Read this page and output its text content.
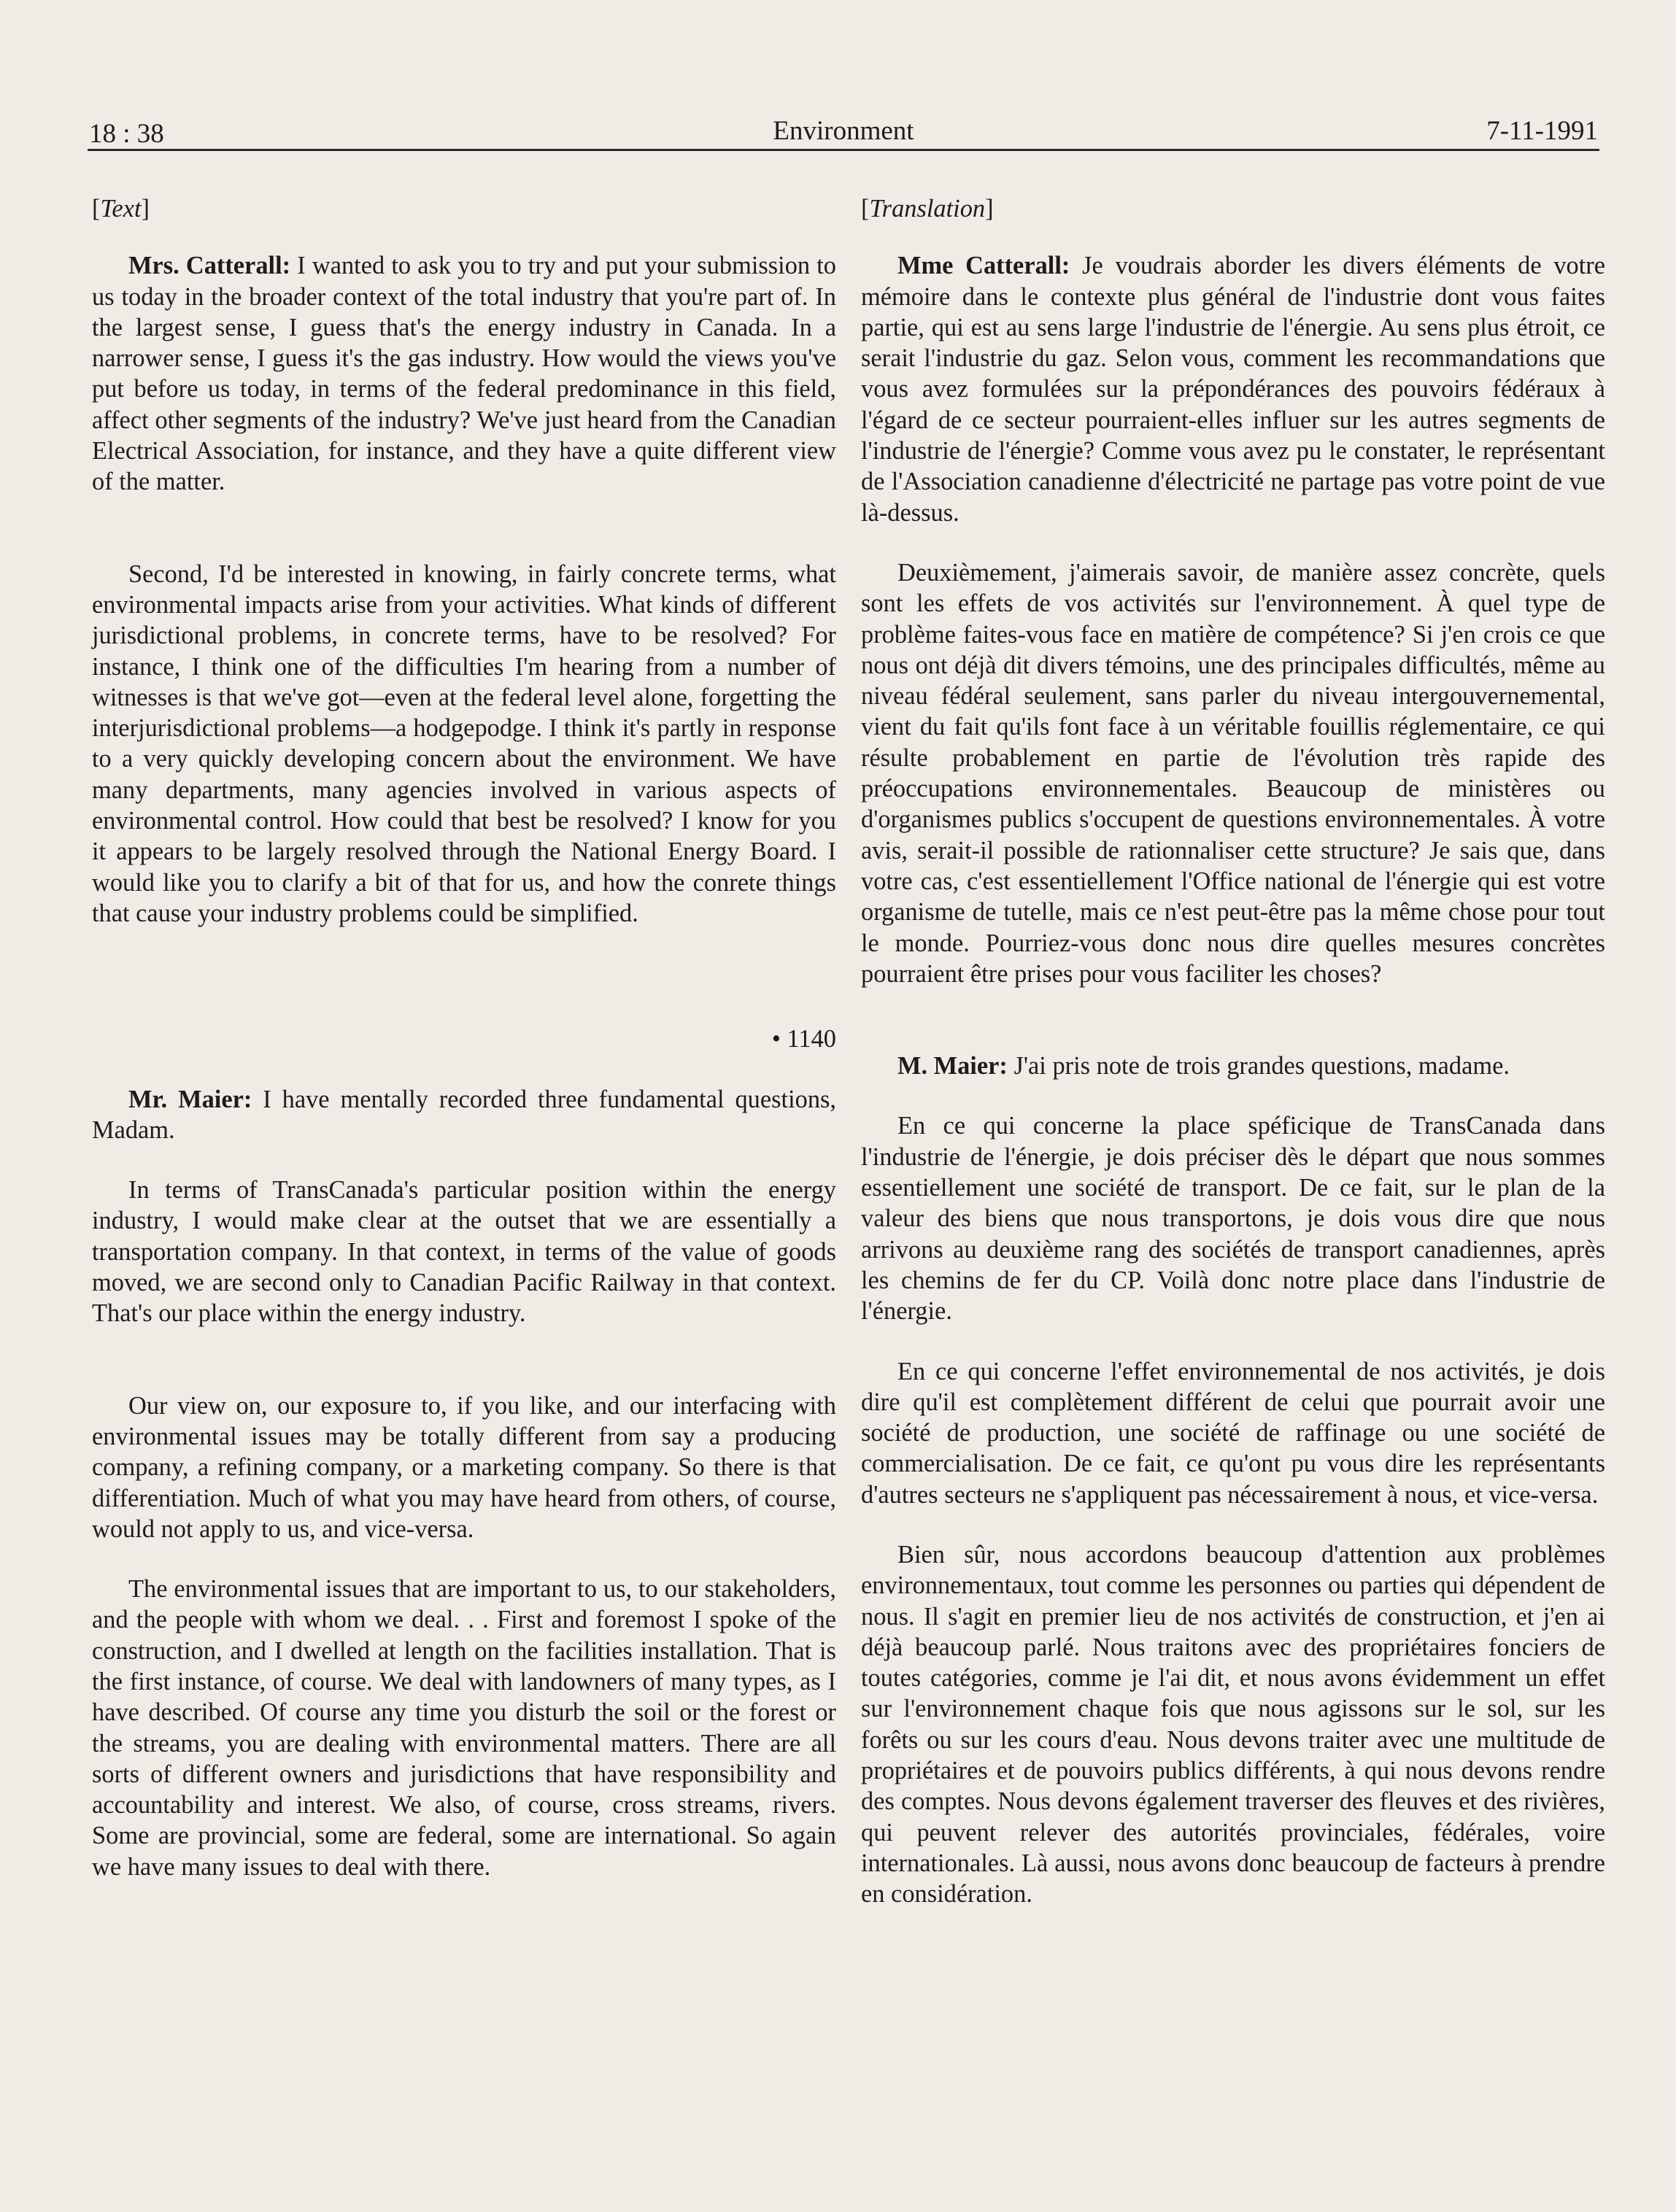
18 : 38	Environment	7-11-1991

[Text]

Mrs. Catterall: I wanted to ask you to try and put your submission to us today in the broader context of the total industry that you're part of. In the largest sense, I guess that's the energy industry in Canada. In a narrower sense, I guess it's the gas industry. How would the views you've put before us today, in terms of the federal predominance in this field, affect other segments of the industry? We've just heard from the Canadian Electrical Association, for instance, and they have a quite different view of the matter.

Second, I'd be interested in knowing, in fairly concrete terms, what environmental impacts arise from your activities. What kinds of different jurisdictional problems, in concrete terms, have to be resolved? For instance, I think one of the difficulties I'm hearing from a number of witnesses is that we've got—even at the federal level alone, forgetting the interjurisdictional problems—a hodgepodge. I think it's partly in response to a very quickly developing concern about the environment. We have many departments, many agencies involved in various aspects of environmental control. How could that best be resolved? I know for you it appears to be largely resolved through the National Energy Board. I would like you to clarify a bit of that for us, and how the conrete things that cause your industry problems could be simplified.

• 1140

Mr. Maier: I have mentally recorded three fundamental questions, Madam.

In terms of TransCanada's particular position within the energy industry, I would make clear at the outset that we are essentially a transportation company. In that context, in terms of the value of goods moved, we are second only to Canadian Pacific Railway in that context. That's our place within the energy industry.

Our view on, our exposure to, if you like, and our interfacing with environmental issues may be totally different from say a producing company, a refining company, or a marketing company. So there is that differentiation. Much of what you may have heard from others, of course, would not apply to us, and vice-versa.

The environmental issues that are important to us, to our stakeholders, and the people with whom we deal. . . First and foremost I spoke of the construction, and I dwelled at length on the facilities installation. That is the first instance, of course. We deal with landowners of many types, as I have described. Of course any time you disturb the soil or the forest or the streams, you are dealing with environmental matters. There are all sorts of different owners and jurisdictions that have responsibility and accountability and interest. We also, of course, cross streams, rivers. Some are provincial, some are federal, some are international. So again we have many issues to deal with there.

[Translation]

Mme Catterall: Je voudrais aborder les divers éléments de votre mémoire dans le contexte plus général de l'industrie dont vous faites partie, qui est au sens large l'industrie de l'énergie. Au sens plus étroit, ce serait l'industrie du gaz. Selon vous, comment les recommandations que vous avez formulées sur la prépondérances des pouvoirs fédéraux à l'égard de ce secteur pourraient-elles influer sur les autres segments de l'industrie de l'énergie? Comme vous avez pu le constater, le représentant de l'Association canadienne d'électricité ne partage pas votre point de vue là-dessus.

Deuxièmement, j'aimerais savoir, de manière assez concrète, quels sont les effets de vos activités sur l'environnement. À quel type de problème faites-vous face en matière de compétence? Si j'en crois ce que nous ont déjà dit divers témoins, une des principales difficultés, même au niveau fédéral seulement, sans parler du niveau intergouvernemental, vient du fait qu'ils font face à un véritable fouillis réglementaire, ce qui résulte probablement en partie de l'évolution très rapide des préoccupations environnementales. Beaucoup de ministères ou d'organismes publics s'occupent de questions environnementales. À votre avis, serait-il possible de rationnaliser cette structure? Je sais que, dans votre cas, c'est essentiellement l'Office national de l'énergie qui est votre organisme de tutelle, mais ce n'est peut-être pas la même chose pour tout le monde. Pourriez-vous donc nous dire quelles mesures concrètes pourraient être prises pour vous faciliter les choses?

M. Maier: J'ai pris note de trois grandes questions, madame.

En ce qui concerne la place spéficique de TransCanada dans l'industrie de l'énergie, je dois préciser dès le départ que nous sommes essentiellement une société de transport. De ce fait, sur le plan de la valeur des biens que nous transportons, je dois vous dire que nous arrivons au deuxième rang des sociétés de transport canadiennes, après les chemins de fer du CP. Voilà donc notre place dans l'industrie de l'énergie.

En ce qui concerne l'effet environnemental de nos activités, je dois dire qu'il est complètement différent de celui que pourrait avoir une société de production, une société de raffinage ou une société de commercialisation. De ce fait, ce qu'ont pu vous dire les représentants d'autres secteurs ne s'appliquent pas nécessairement à nous, et vice-versa.

Bien sûr, nous accordons beaucoup d'attention aux problèmes environnementaux, tout comme les personnes ou parties qui dépendent de nous. Il s'agit en premier lieu de nos activités de construction, et j'en ai déjà beaucoup parlé. Nous traitons avec des propriétaires fonciers de toutes catégories, comme je l'ai dit, et nous avons évidemment un effet sur l'environnement chaque fois que nous agissons sur le sol, sur les forêts ou sur les cours d'eau. Nous devons traiter avec une multitude de propriétaires et de pouvoirs publics différents, à qui nous devons rendre des comptes. Nous devons également traverser des fleuves et des rivières, qui peuvent relever des autorités provinciales, fédérales, voire internationales. Là aussi, nous avons donc beaucoup de facteurs à prendre en considération.
